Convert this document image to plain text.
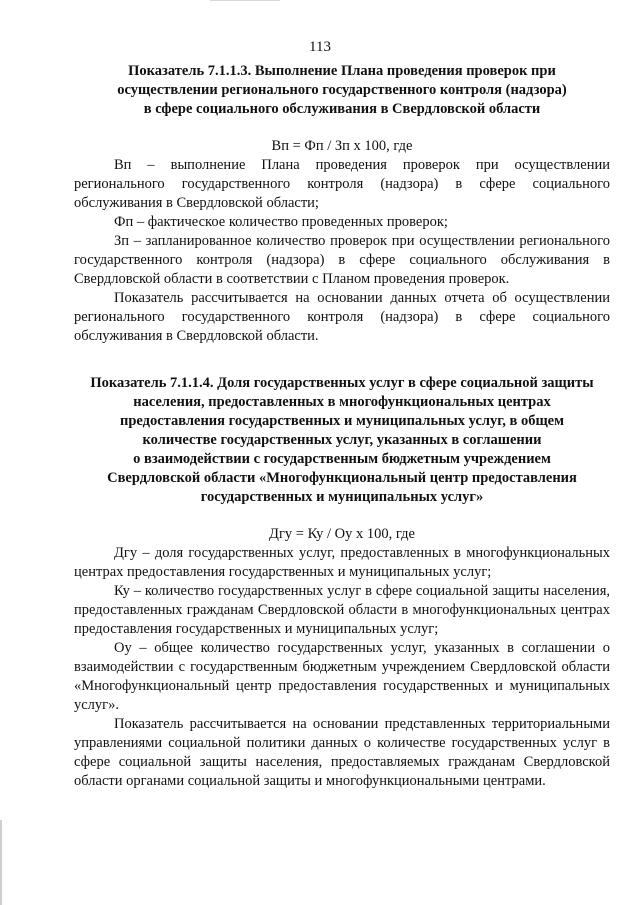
113
Показатель 7.1.1.3. Выполнение Плана проведения проверок при
осуществлении регионального государственного контроля (надзора)
в сфере социального обслуживания в Свердловской области

Вп = Фп / Зп х 100, где

Вп – выполнение Плана проведения проверок при осуществлении регионального государственного контроля (надзора) в сфере социального обслуживания в Свердловской области;

Фп – фактическое количество проведенных проверок;

Зп – запланированное количество проверок при осуществлении регионального государственного контроля (надзора) в сфере социального обслуживания в Свердловской области в соответствии с Планом проведения проверок.

Показатель рассчитывается на основании данных отчета об осуществлении регионального государственного контроля (надзора) в сфере социального обслуживания в Свердловской области.

Показатель 7.1.1.4. Доля государственных услуг в сфере социальной защиты
населения, предоставленных в многофункциональных центрах
предоставления государственных и муниципальных услуг, в общем
количестве государственных услуг, указанных в соглашении
о взаимодействии с государственным бюджетным учреждением
Свердловской области «Многофункциональный центр предоставления
государственных и муниципальных услуг»

Дгу = Ку / Оу х 100, где

Дгу – доля государственных услуг, предоставленных в многофункциональных центрах предоставления государственных и муниципальных услуг;

Ку – количество государственных услуг в сфере социальной защиты населения, предоставленных гражданам Свердловской области в многофункциональных центрах предоставления государственных и муниципальных услуг;

Оу – общее количество государственных услуг, указанных в соглашении о взаимодействии с государственным бюджетным учреждением Свердловской области «Многофункциональный центр предоставления государственных и муниципальных услуг».

Показатель рассчитывается на основании представленных территориальными управлениями социальной политики данных о количестве государственных услуг в сфере социальной защиты населения, предоставляемых гражданам Свердловской области органами социальной защиты и многофункциональными центрами.
